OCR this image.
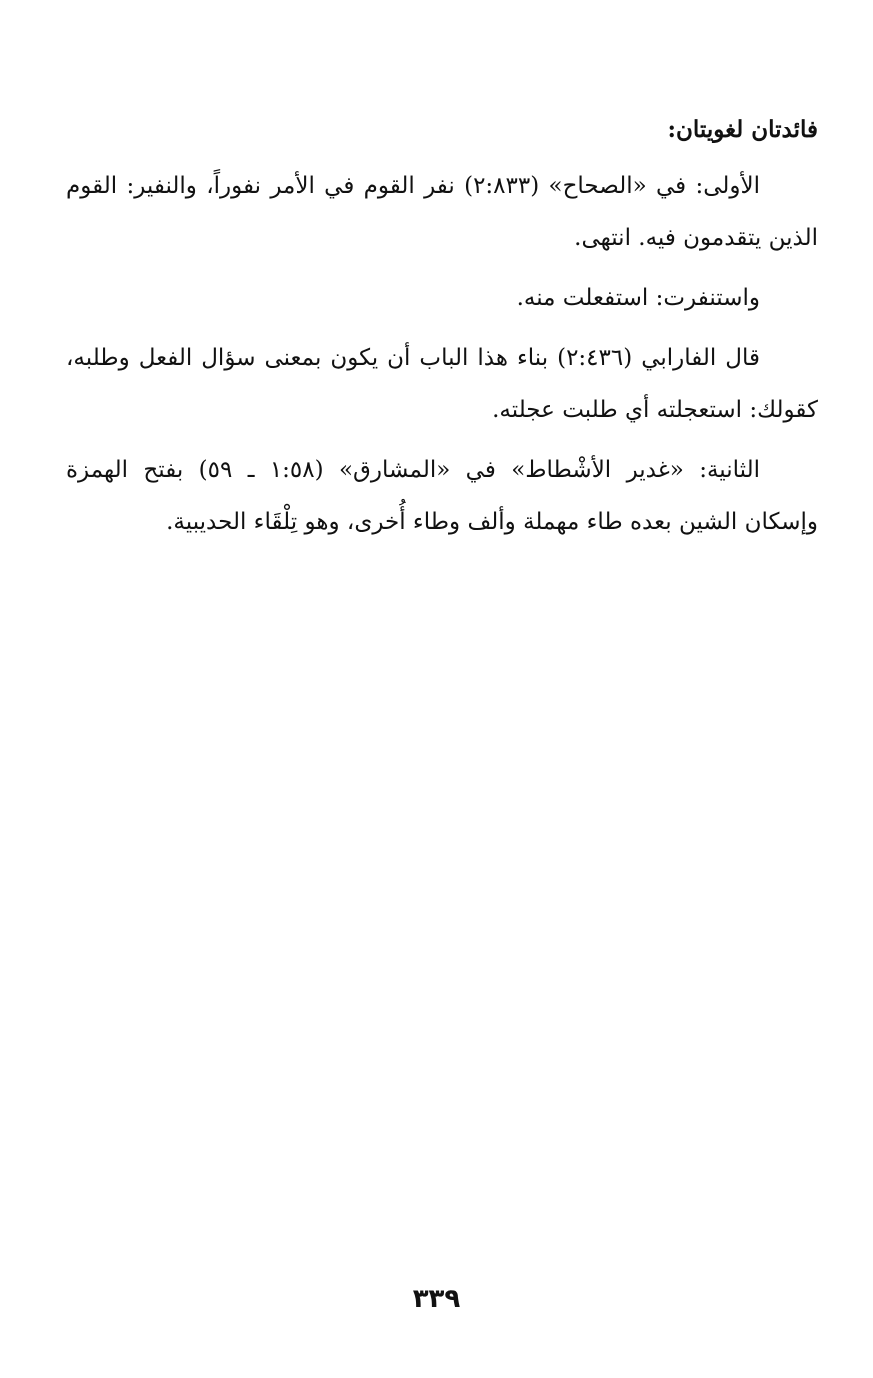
فائدتان لغويتان:

الأولى: في «الصحاح» (٢:٨٣٣) نفر القوم في الأمر نفوراً، والنفير: القوم الذين يتقدمون فيه. انتهى.

واستنفرت: استفعلت منه.

قال الفارابي (٢:٤٣٦) بناء هذا الباب أن يكون بمعنى سؤال الفعل وطلبه، كقولك: استعجلته أي طلبت عجلته.

الثانية: «غدير الأشْطاط» في «المشارق» (١:٥٨ ـ ٥٩) بفتح الهمزة وإسكان الشين بعده طاء مهملة وألف وطاء أُخرى، وهو تِلْقَاء الحديبية.

٣٣٩
